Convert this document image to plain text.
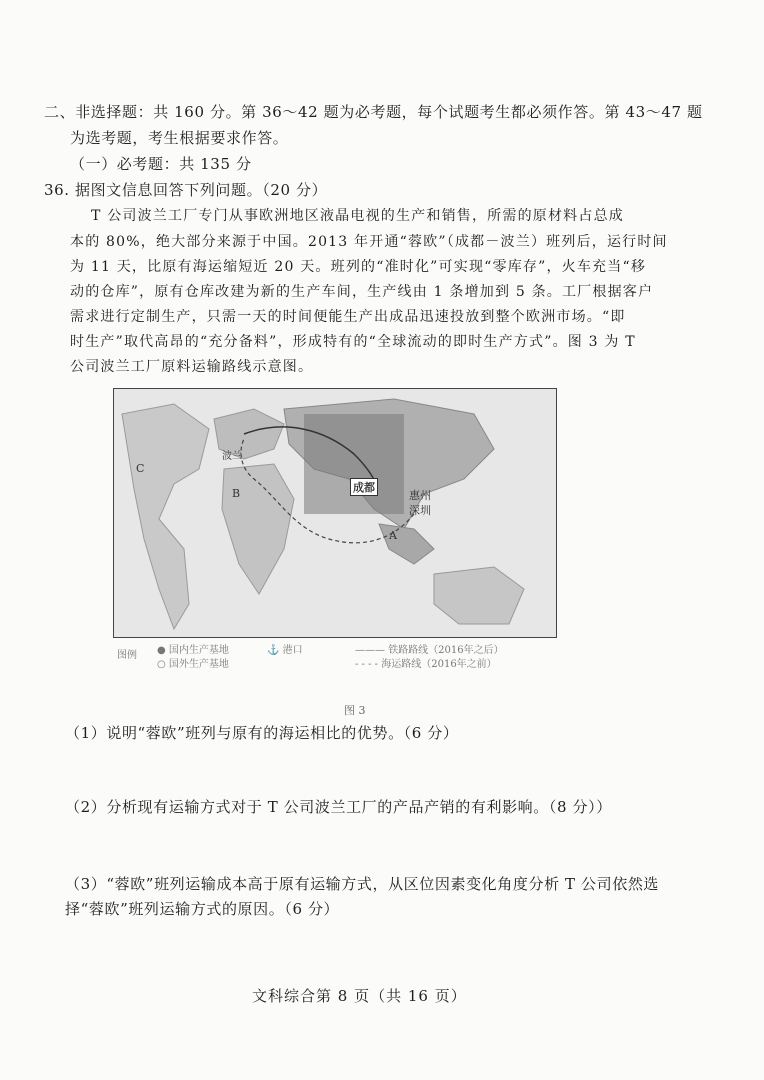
二、非选择题：共 160 分。第 36～42 题为必考题，每个试题考生都必须作答。第 43～47 题
为选考题，考生根据要求作答。
（一）必考题：共 135 分
36. 据图文信息回答下列问题。（20 分）
T 公司波兰工厂专门从事欧洲地区液晶电视的生产和销售，所需的原材料占总成
本的 80%，绝大部分来源于中国。2013 年开通“蓉欧”（成都－波兰）班列后，运行时间
为 11 天，比原有海运缩短近 20 天。班列的“准时化”可实现“零库存”，火车充当“移
动的仓库”，原有仓库改建为新的生产车间，生产线由 1 条增加到 5 条。工厂根据客户
需求进行定制生产，只需一天的时间便能生产出成品迅速投放到整个欧洲市场。“即
时生产”取代高昂的“充分备料”，形成特有的“全球流动的即时生产方式”。图 3 为 T
公司波兰工厂原料运输路线示意图。
成都
惠州
深圳
A
B
C
波兰
图例 ● 国内生产基地
○ 国外生产基地
⚓ 港口	——— 铁路路线（2016年之后）
- - - - 海运路线（2016年之前）
图 3
（1）说明“蓉欧”班列与原有的海运相比的优势。（6 分）
（2）分析现有运输方式对于 T 公司波兰工厂的产品产销的有利影响。（8 分））
（3）“蓉欧”班列运输成本高于原有运输方式，从区位因素变化角度分析 T 公司依然选
择“蓉欧”班列运输方式的原因。（6 分）
文科综合第 8 页（共 16 页）
